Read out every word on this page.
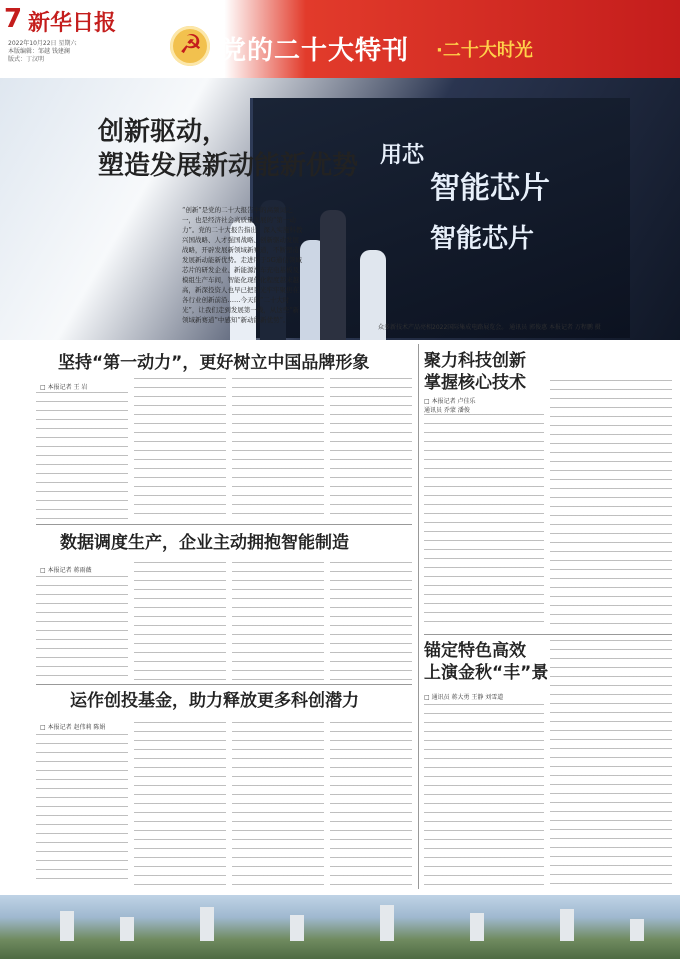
7 新华日报
2022年10月22日 星期六
本版编辑：邹越 钱建澜
版式：丁汉明
☭	党的二十大特刊 ·二十大时光
用芯
智能芯片
智能芯片
创新驱动，
塑造发展新动能新优势
“创新”是党的二十大报告中的高频词之一，也是经济社会高质量发展的“第一动力”。党的二十大报告指出，深入实施科教兴国战略、人才强国战略、创新驱动发展战略，开辟发展新领域新赛道，不断塑造发展新动能新优势。走进用于5G通信领域芯片的研发企业、新能源汽车充电基板及模组生产车间，智能化现代化程度越来越高，新深投资人也早已把目光牢牢聚焦在各行业创新前沿……今天的“二十大时光”，让我们走到发展第一线，从这些“新领域新赛道”中感知“新动能新优势”。
众多新技术产品亮相2022国际集成电路展览会。 通讯员 郭俊惠 本报记者 万程鹏 摄
坚持“第一动力”，更好树立中国品牌形象
□ 本报记者 王 岩
数据调度生产，企业主动拥抱智能制造
□ 本报记者 蒋雨薇
运作创投基金，助力释放更多科创潜力
□ 本报记者 赵伟莉 陈娟
聚力科技创新
掌握核心技术
□ 本报记者 卢佳乐
通讯员 乔蒙 潘俊
锚定特色高效
上演金秋“丰”景
□ 通讯员 蒋大勇 王静 刘雪道
